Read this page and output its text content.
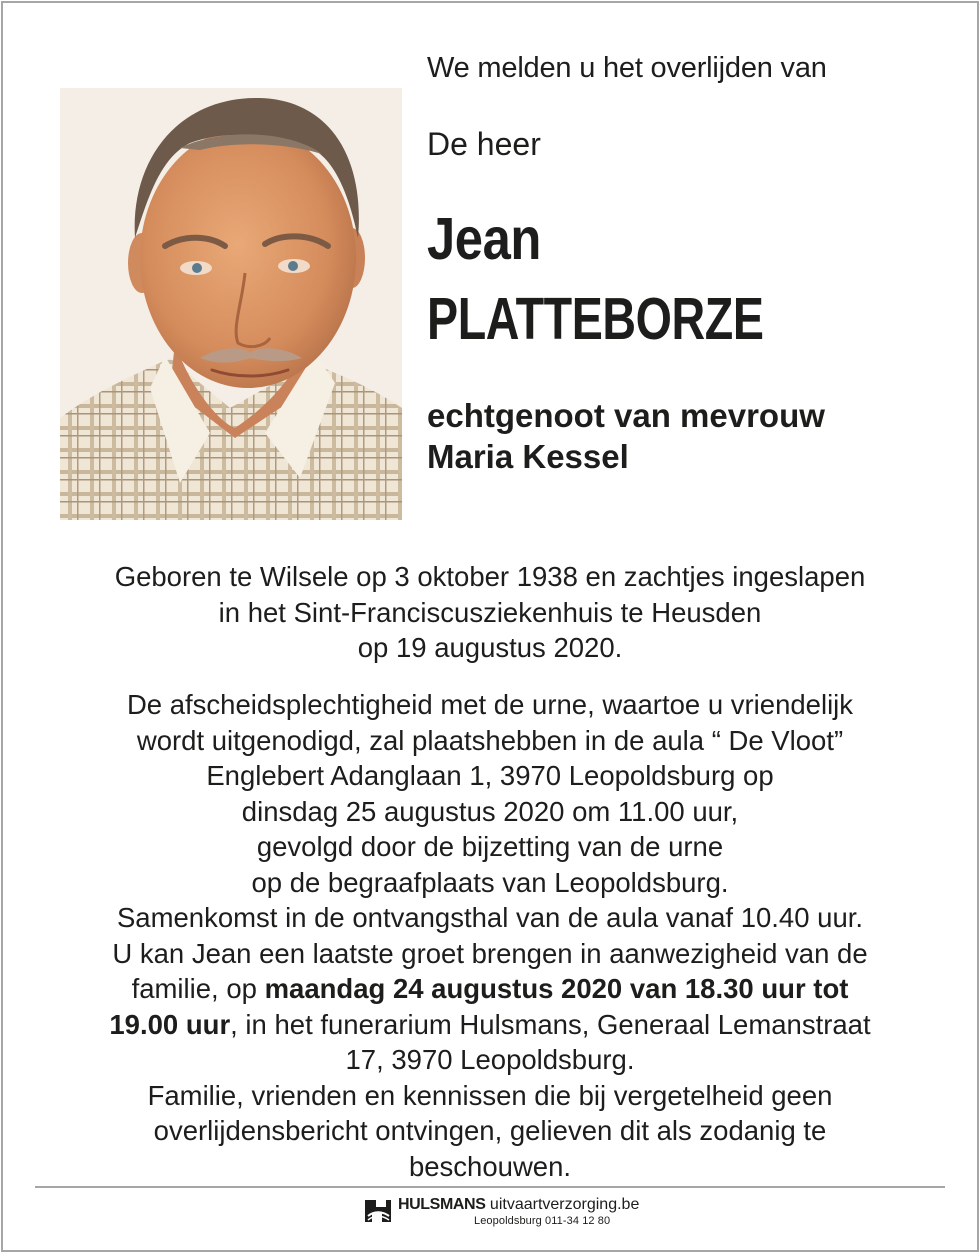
We melden u het overlijden van
De heer
Jean
PLATTEBORZE
echtgenoot van mevrouw
Maria Kessel
Geboren te Wilsele op 3 oktober 1938 en zachtjes ingeslapen
in het Sint-Franciscusziekenhuis te Heusden
op 19 augustus 2020.
De afscheidsplechtigheid met de urne, waartoe u vriendelijk
wordt uitgenodigd, zal plaatshebben in de aula “ De Vloot”
Englebert Adanglaan 1, 3970 Leopoldsburg op
dinsdag 25 augustus 2020 om 11.00 uur,
gevolgd door de bijzetting van de urne
op de begraafplaats van Leopoldsburg.
Samenkomst in de ontvangsthal van de aula vanaf 10.40 uur.
U kan Jean een laatste groet brengen in aanwezigheid van de
familie, op maandag 24 augustus 2020 van 18.30 uur tot
19.00 uur, in het funerarium Hulsmans, Generaal Lemanstraat
17, 3970 Leopoldsburg.
Familie, vrienden en kennissen die bij vergetelheid geen
overlijdensbericht ontvingen, gelieven dit als zodanig te
beschouwen.
HULSMANS uitvaartverzorging.be
Leopoldsburg 011-34 12 80
